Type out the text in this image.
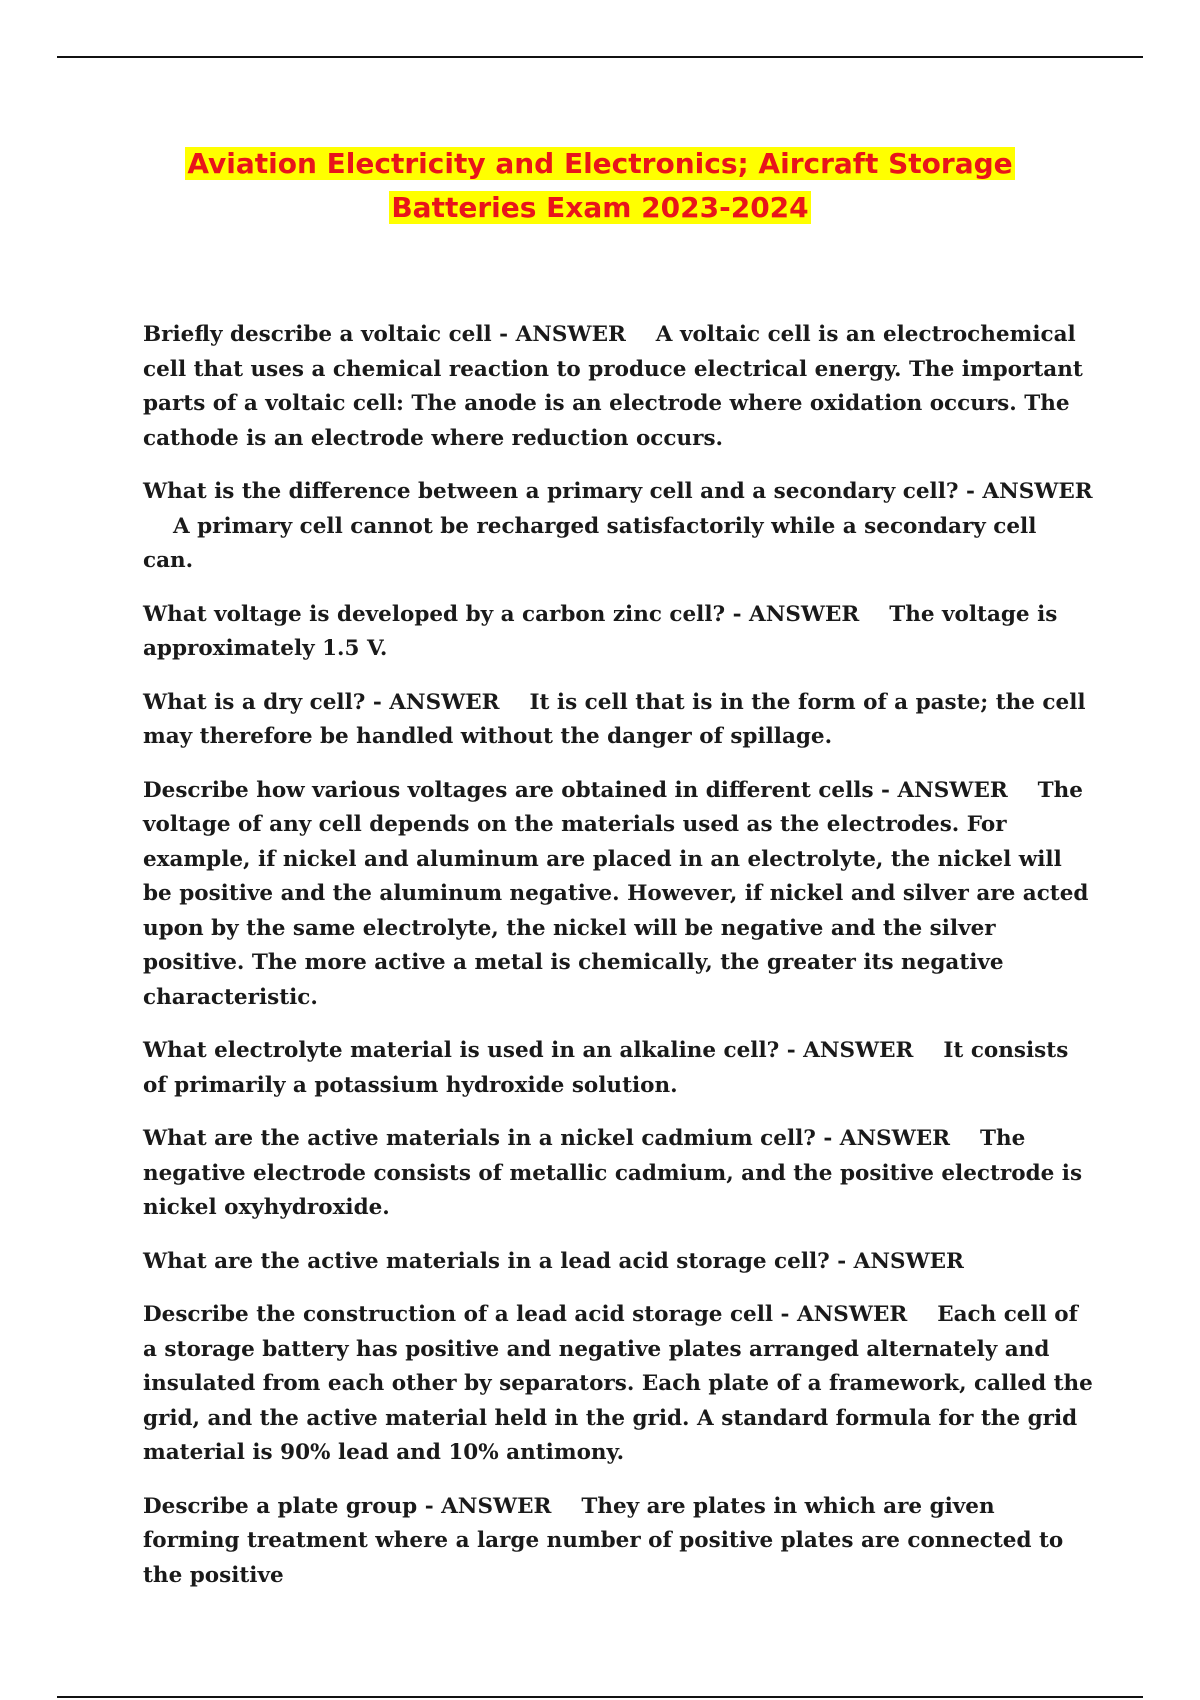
Aviation Electricity and Electronics; Aircraft Storage
Batteries Exam 2023-2024

Briefly describe a voltaic cell - ANSWER A voltaic cell is an electrochemical cell that uses a chemical reaction to produce electrical energy. The important parts of a voltaic cell: The anode is an electrode where oxidation occurs. The cathode is an electrode where reduction occurs.

What is the difference between a primary cell and a secondary cell? - ANSWER    A primary cell cannot be recharged satisfactorily while a secondary cell can.

What voltage is developed by a carbon zinc cell? - ANSWER The voltage is approximately 1.5 V.

What is a dry cell? - ANSWER It is cell that is in the form of a paste; the cell may therefore be handled without the danger of spillage.

Describe how various voltages are obtained in different cells - ANSWER The voltage of any cell depends on the materials used as the electrodes. For example, if nickel and aluminum are placed in an electrolyte, the nickel will be positive and the aluminum negative. However, if nickel and silver are acted upon by the same electrolyte, the nickel will be negative and the silver positive. The more active a metal is chemically, the greater its negative characteristic.

What electrolyte material is used in an alkaline cell? - ANSWER It consists of primarily a potassium hydroxide solution.

What are the active materials in a nickel cadmium cell? - ANSWER The negative electrode consists of metallic cadmium, and the positive electrode is nickel oxyhydroxide.

What are the active materials in a lead acid storage cell? - ANSWER

Describe the construction of a lead acid storage cell - ANSWER Each cell of a storage battery has positive and negative plates arranged alternately and insulated from each other by separators. Each plate of a framework, called the grid, and the active material held in the grid. A standard formula for the grid material is 90% lead and 10% antimony.

Describe a plate group - ANSWER They are plates in which are given forming treatment where a large number of positive plates are connected to the positive
